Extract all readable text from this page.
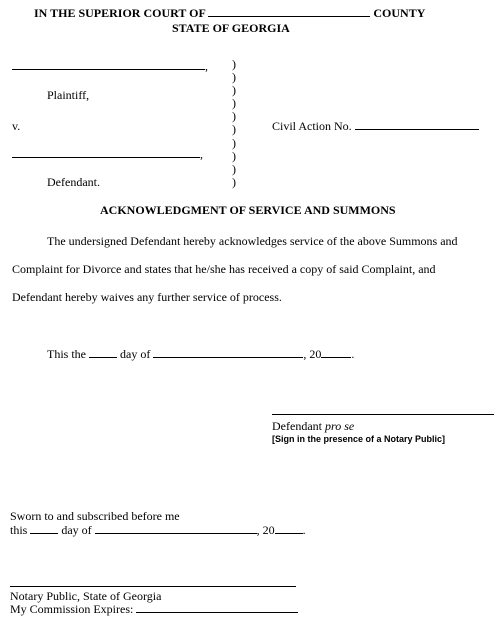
IN THE SUPERIOR COURT OF	COUNTY
STATE OF GEORGIA
,
Plaintiff,
v.	Civil Action No.
,
Defendant.
)
)
)
)
)
)
)
)
)
)
ACKNOWLEDGMENT OF SERVICE AND SUMMONS
The undersigned Defendant hereby acknowledges service of the above Summons and
Complaint for Divorce and states that he/she has received a copy of said Complaint, and
Defendant hereby waives any further service of process.
This the	day of	, 20	.
Defendant pro se
[Sign in the presence of a Notary Public]
Sworn to and subscribed before me
this	day of	, 20 .
Notary Public, State of Georgia
My Commission Expires:
